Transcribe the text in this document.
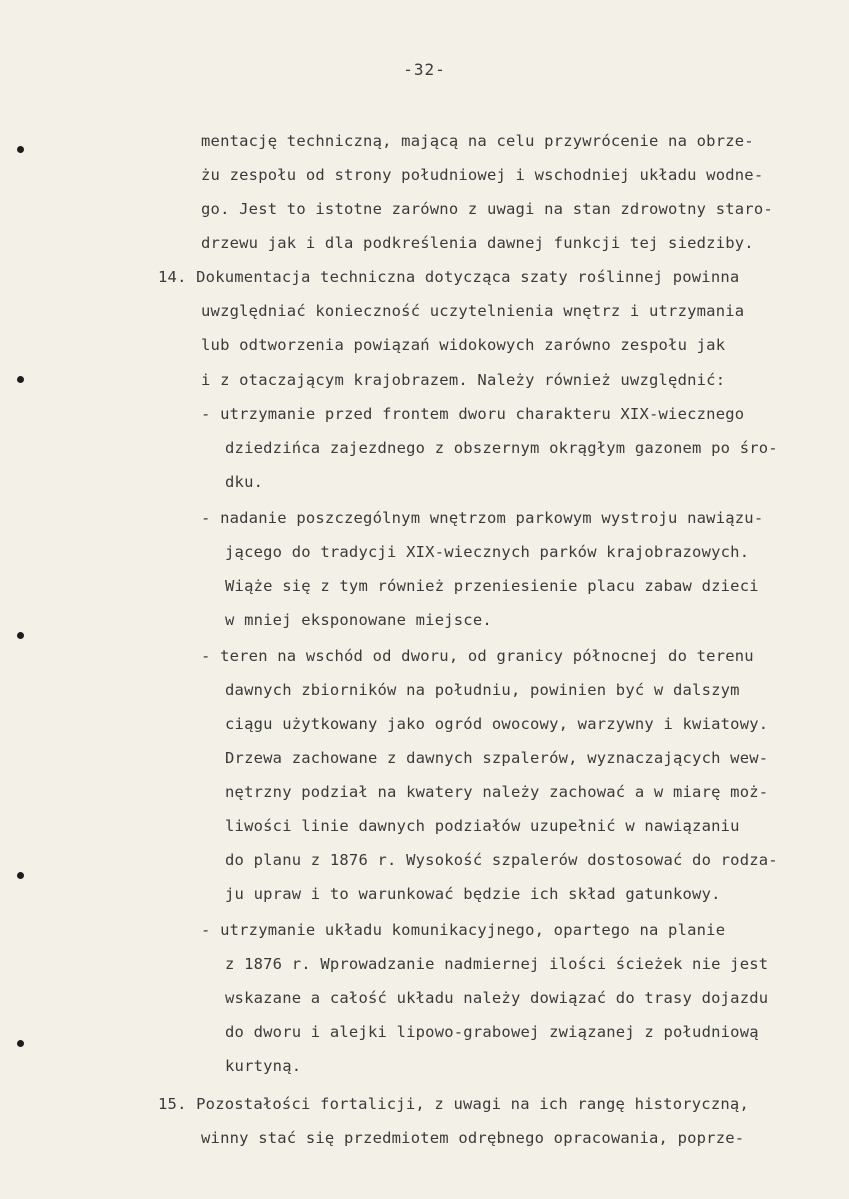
-32-
mentację techniczną, mającą na celu przywrócenie na obrze-
żu zespołu od strony południowej i wschodniej układu wodne-
go. Jest to istotne zarówno z uwagi na stan zdrowotny staro-
drzewu jak i dla podkreślenia dawnej funkcji tej siedziby.
14. Dokumentacja techniczna dotycząca szaty roślinnej powinna
uwzględniać konieczność uczytelnienia wnętrz i utrzymania
lub odtworzenia powiązań widokowych zarówno zespołu jak
i z otaczającym krajobrazem. Należy również uwzględnić:
- utrzymanie przed frontem dworu charakteru XIX-wiecznego
dziedzińca zajezdnego z obszernym okrągłym gazonem po śro-
dku.
- nadanie poszczególnym wnętrzom parkowym wystroju nawiązu-
jącego do tradycji XIX-wiecznych parków krajobrazowych.
Wiąże się z tym również przeniesienie placu zabaw dzieci
w mniej eksponowane miejsce.
- teren na wschód od dworu, od granicy północnej do terenu
dawnych zbiorników na południu, powinien być w dalszym
ciągu użytkowany jako ogród owocowy, warzywny i kwiatowy.
Drzewa zachowane z dawnych szpalerów, wyznaczających wew-
nętrzny podział na kwatery należy zachować a w miarę moż-
liwości linie dawnych podziałów uzupełnić w nawiązaniu
do planu z 1876 r. Wysokość szpalerów dostosować do rodza-
ju upraw i to warunkować będzie ich skład gatunkowy.
- utrzymanie układu komunikacyjnego, opartego na planie
z 1876 r. Wprowadzanie nadmiernej ilości ścieżek nie jest
wskazane a całość układu należy dowiązać do trasy dojazdu
do dworu i alejki lipowo-grabowej związanej z południową
kurtyną.
15. Pozostałości fortalicji, z uwagi na ich rangę historyczną,
winny stać się przedmiotem odrębnego opracowania, poprze-
